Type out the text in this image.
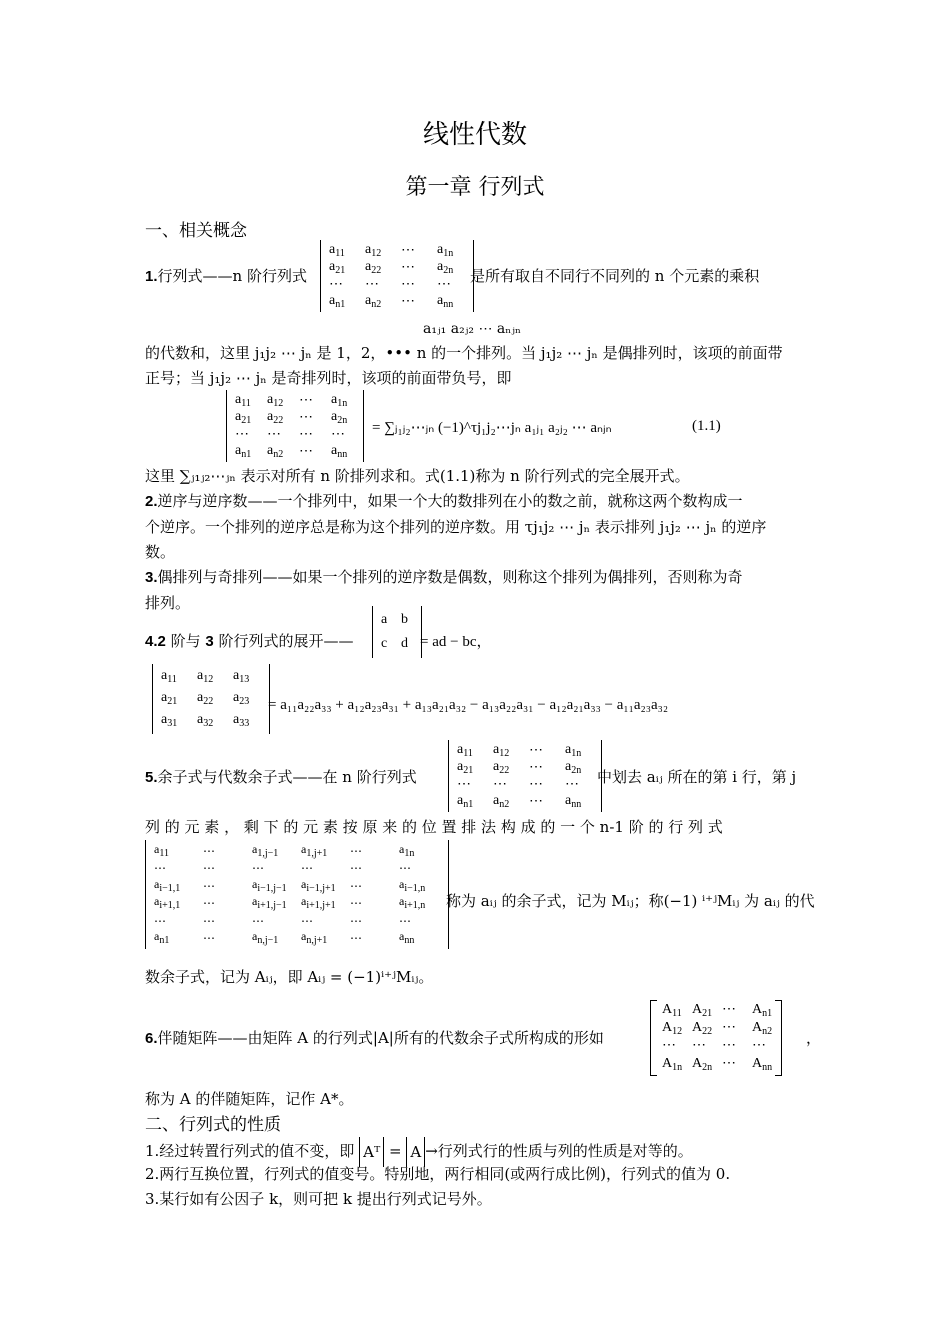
线性代数
第一章 行列式
一、相关概念
1.行列式——n 阶行列式
$a_{11}$	$a_{12}$	⋯	$a_{1n}$
$a_{21}$	$a_{22}$	⋯	$a_{2n}$
⋯	⋯	⋯	⋯
$a_{n1}$	$a_{n2}$	⋯	$a_{nn}$
是所有取自不同行不同列的 n 个元素的乘积
a₁ⱼ₁ a₂ⱼ₂ ⋯ aₙⱼₙ
的代数和，这里 j₁j₂ ⋯ jₙ 是 1，2，••• n 的一个排列。当 j₁j₂ ⋯ jₙ 是偶排列时，该项的前面带
正号；当 j₁j₂ ⋯ jₙ 是奇排列时，该项的前面带负号，即
$a_{11}$	$a_{12}$	⋯	$a_{1n}$
$a_{21}$	$a_{22}$	⋯	$a_{2n}$
⋯	⋯	⋯	⋯
$a_{n1}$	$a_{n2}$	⋯	$a_{nn}$
= ∑ⱼ₁ⱼ₂⋯ⱼₙ (−1)^τj₁j₂⋯jₙ a₁ⱼ₁ a₂ⱼ₂ ⋯ aₙⱼₙ	(1.1)
这里 ∑ⱼ₁ⱼ₂⋯ⱼₙ 表示对所有 n 阶排列求和。式(1.1)称为 n 阶行列式的完全展开式。
2.逆序与逆序数——一个排列中，如果一个大的数排列在小的数之前，就称这两个数构成一
个逆序。一个排列的逆序总是称为这个排列的逆序数。用 τj₁j₂ ⋯ jₙ 表示排列 j₁j₂ ⋯ jₙ 的逆序
数。
3.偶排列与奇排列——如果一个排列的逆序数是偶数，则称这个排列为偶排列，否则称为奇
排列。
4.2 阶与 3 阶行列式的展开——
a b
c d = ad − bc，
$a_{11}$	$a_{12}$	$a_{13}$
$a_{21}$	$a_{22}$	$a_{23}$
$a_{31}$	$a_{32}$	$a_{33}$
= a₁₁a₂₂a₃₃ + a₁₂a₂₃a₃₁ + a₁₃a₂₁a₃₂ − a₁₃a₂₂a₃₁ − a₁₂a₂₁a₃₃ − a₁₁a₂₃a₃₂
5.余子式与代数余子式——在 n 阶行列式
$a_{11}$	$a_{12}$	⋯	$a_{1n}$
$a_{21}$	$a_{22}$	⋯	$a_{2n}$
⋯	⋯	⋯	⋯
$a_{n1}$	$a_{n2}$	⋯	$a_{nn}$
中划去 aᵢⱼ 所在的第 i 行，第 j
列 的 元 素 ， 剩 下 的 元 素 按 原 来 的 位 置 排 法 构 成 的 一 个 n-1 阶 的 行 列 式
$a_{11}$	⋯	$a_{1,j-1}$	$a_{1,j+1}$	⋯	$a_{1n}$
⋯	⋯	⋯	⋯	⋯	⋯
$a_{i-1,1}$	⋯	$a_{i-1,j-1}$	$a_{i-1,j+1}$	⋯	$a_{i-1,n}$
$a_{i+1,1}$	⋯	$a_{i+1,j-1}$	$a_{i+1,j+1}$	⋯	$a_{i+1,n}$
⋯	⋯	⋯	⋯	⋯	⋯
$a_{n1}$	⋯	$a_{n,j-1}$	$a_{n,j+1}$	⋯	$a_{nn}$
称为 aᵢⱼ 的余子式，记为 Mᵢⱼ；称(−1) ⁱ⁺ʲMᵢⱼ 为 aᵢⱼ 的代
数余子式，记为 Aᵢⱼ，即 Aᵢⱼ = (−1)ⁱ⁺ʲMᵢⱼ。
6.伴随矩阵——由矩阵 A 的行列式|A|所有的代数余子式所构成的形如
$A_{11}$ $A_{21}$ ⋯	$A_{n1}$
$A_{12}$ $A_{22}$ ⋯	$A_{n2}$
⋯	⋯	⋯	⋯
$A_{1n}$ $A_{2n}$ ⋯	$A_{nn}$
，
称为 A 的伴随矩阵，记作 A*。
二、行列式的性质
1.经过转置行列式的值不变，即 Aᵀ = A →行列式行的性质与列的性质是对等的。
2.两行互换位置，行列式的值变号。特别地，两行相同(或两行成比例)，行列式的值为 0.
3.某行如有公因子 k，则可把 k 提出行列式记号外。
